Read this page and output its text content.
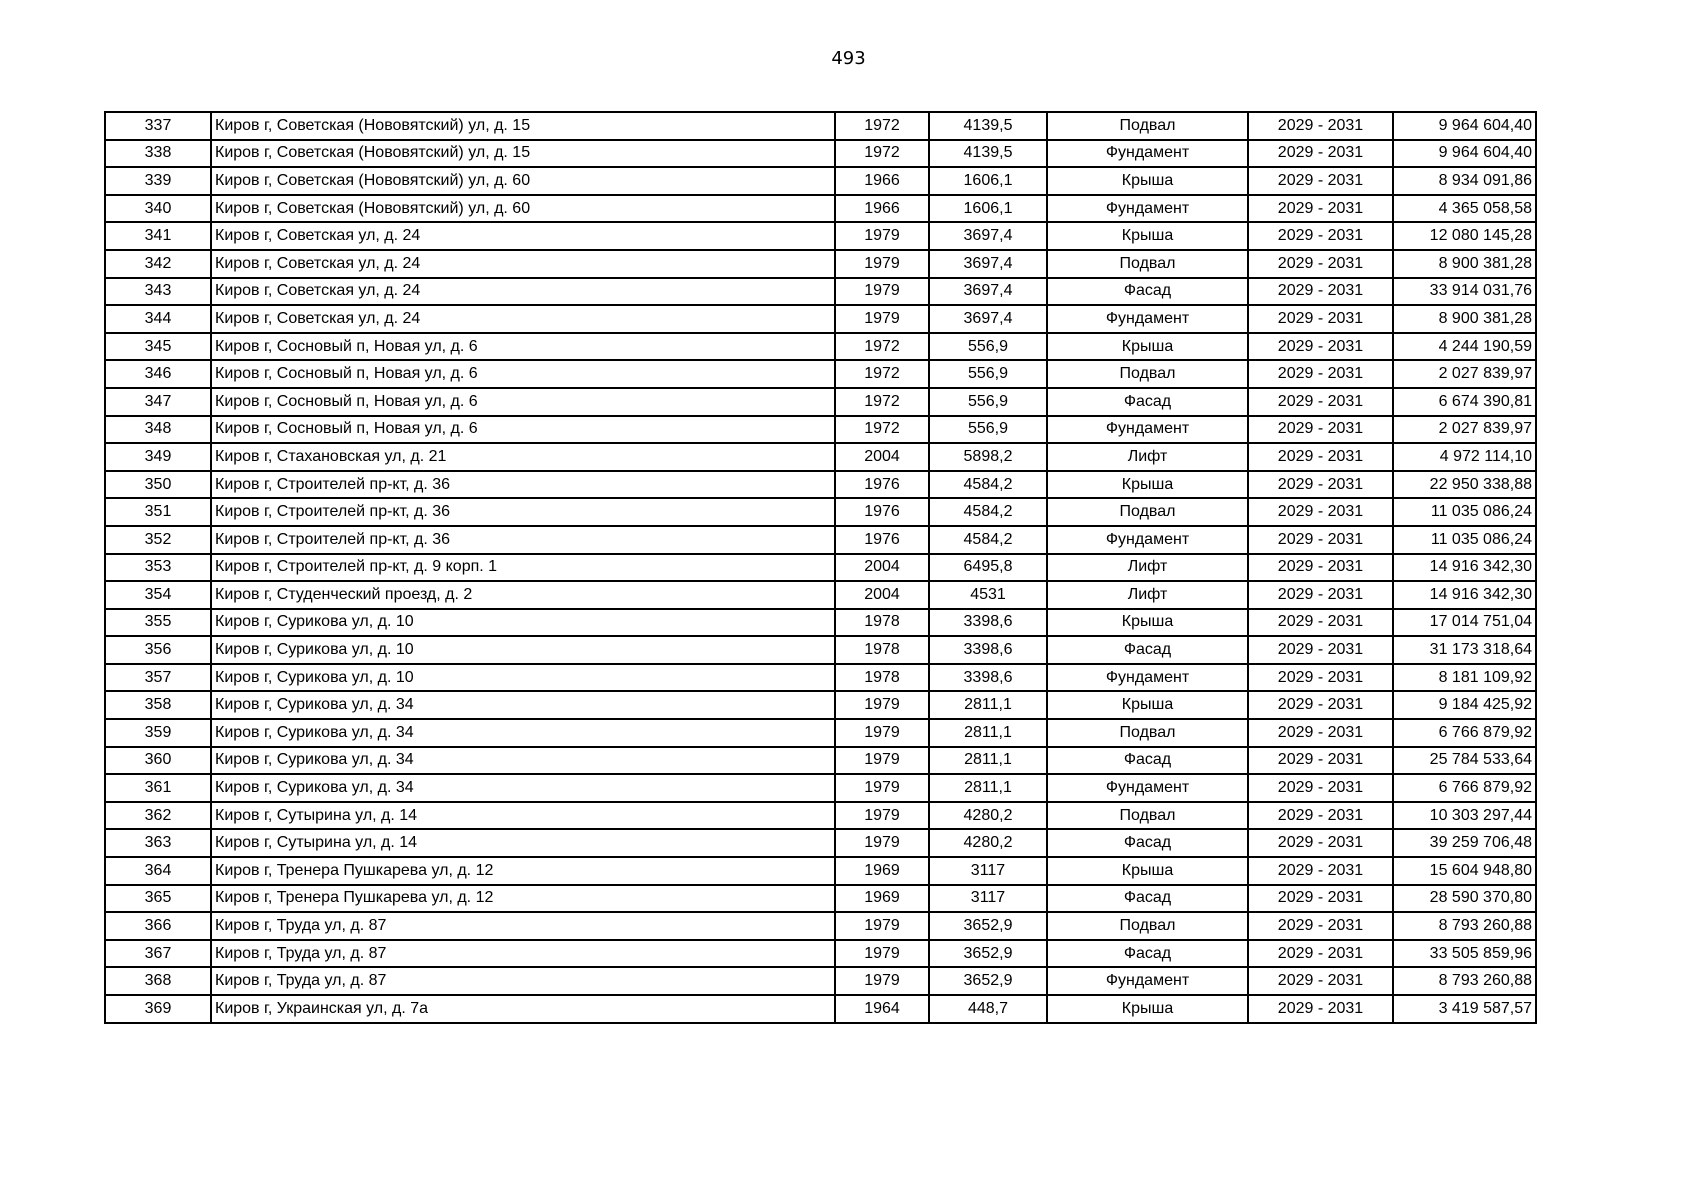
493
337	Киров г, Советская (Нововятский) ул, д. 15	1972	4139,5	Подвал	2029 - 2031	9 964 604,40
338	Киров г, Советская (Нововятский) ул, д. 15	1972	4139,5	Фундамент	2029 - 2031	9 964 604,40
339	Киров г, Советская (Нововятский) ул, д. 60	1966	1606,1	Крыша	2029 - 2031	8 934 091,86
340	Киров г, Советская (Нововятский) ул, д. 60	1966	1606,1	Фундамент	2029 - 2031	4 365 058,58
341	Киров г, Советская ул, д. 24	1979	3697,4	Крыша	2029 - 2031	12 080 145,28
342	Киров г, Советская ул, д. 24	1979	3697,4	Подвал	2029 - 2031	8 900 381,28
343	Киров г, Советская ул, д. 24	1979	3697,4	Фасад	2029 - 2031	33 914 031,76
344	Киров г, Советская ул, д. 24	1979	3697,4	Фундамент	2029 - 2031	8 900 381,28
345	Киров г, Сосновый п, Новая ул, д. 6	1972	556,9	Крыша	2029 - 2031	4 244 190,59
346	Киров г, Сосновый п, Новая ул, д. 6	1972	556,9	Подвал	2029 - 2031	2 027 839,97
347	Киров г, Сосновый п, Новая ул, д. 6	1972	556,9	Фасад	2029 - 2031	6 674 390,81
348	Киров г, Сосновый п, Новая ул, д. 6	1972	556,9	Фундамент	2029 - 2031	2 027 839,97
349	Киров г, Стахановская ул, д. 21	2004	5898,2	Лифт	2029 - 2031	4 972 114,10
350	Киров г, Строителей пр-кт, д. 36	1976	4584,2	Крыша	2029 - 2031	22 950 338,88
351	Киров г, Строителей пр-кт, д. 36	1976	4584,2	Подвал	2029 - 2031	11 035 086,24
352	Киров г, Строителей пр-кт, д. 36	1976	4584,2	Фундамент	2029 - 2031	11 035 086,24
353	Киров г, Строителей пр-кт, д. 9 корп. 1	2004	6495,8	Лифт	2029 - 2031	14 916 342,30
354	Киров г, Студенческий проезд, д. 2	2004	4531	Лифт	2029 - 2031	14 916 342,30
355	Киров г, Сурикова ул, д. 10	1978	3398,6	Крыша	2029 - 2031	17 014 751,04
356	Киров г, Сурикова ул, д. 10	1978	3398,6	Фасад	2029 - 2031	31 173 318,64
357	Киров г, Сурикова ул, д. 10	1978	3398,6	Фундамент	2029 - 2031	8 181 109,92
358	Киров г, Сурикова ул, д. 34	1979	2811,1	Крыша	2029 - 2031	9 184 425,92
359	Киров г, Сурикова ул, д. 34	1979	2811,1	Подвал	2029 - 2031	6 766 879,92
360	Киров г, Сурикова ул, д. 34	1979	2811,1	Фасад	2029 - 2031	25 784 533,64
361	Киров г, Сурикова ул, д. 34	1979	2811,1	Фундамент	2029 - 2031	6 766 879,92
362	Киров г, Сутырина ул, д. 14	1979	4280,2	Подвал	2029 - 2031	10 303 297,44
363	Киров г, Сутырина ул, д. 14	1979	4280,2	Фасад	2029 - 2031	39 259 706,48
364	Киров г, Тренера Пушкарева ул, д. 12	1969	3117	Крыша	2029 - 2031	15 604 948,80
365	Киров г, Тренера Пушкарева ул, д. 12	1969	3117	Фасад	2029 - 2031	28 590 370,80
366	Киров г, Труда ул, д. 87	1979	3652,9	Подвал	2029 - 2031	8 793 260,88
367	Киров г, Труда ул, д. 87	1979	3652,9	Фасад	2029 - 2031	33 505 859,96
368	Киров г, Труда ул, д. 87	1979	3652,9	Фундамент	2029 - 2031	8 793 260,88
369	Киров г, Украинская ул, д. 7а	1964	448,7	Крыша	2029 - 2031	3 419 587,57
